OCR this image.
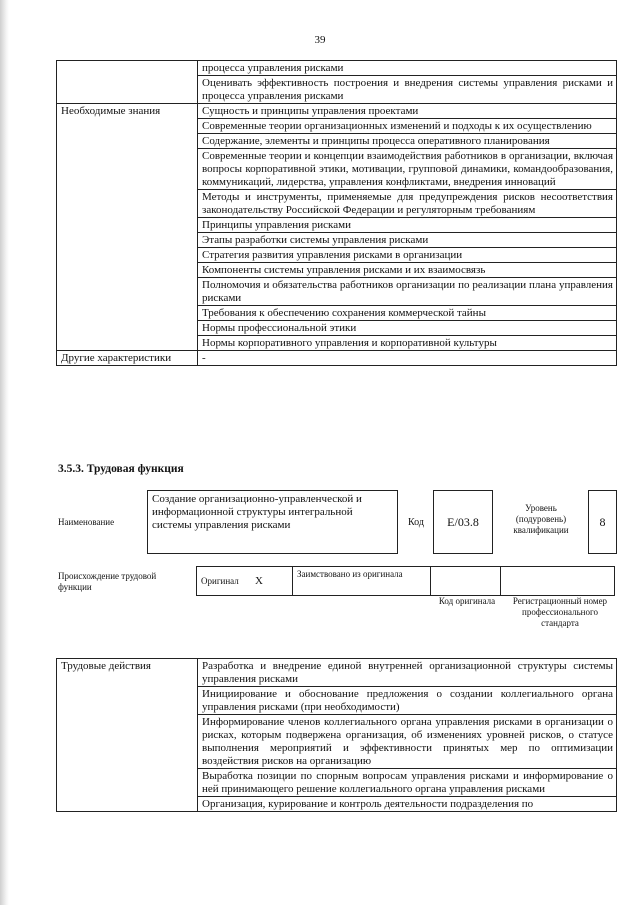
39
	процесса управления рисками
	Оценивать эффективность построения и внедрения системы управления рисками и процесса управления рисками
Необходимые знания	Сущность и принципы управления проектами
	Современные теории организационных изменений и подходы к их осуществлению
	Содержание, элементы и принципы процесса оперативного планирования
	Современные теории и концепции взаимодействия работников в организации, включая вопросы корпоративной этики, мотивации, групповой динамики, командообразования, коммуникаций, лидерства, управления конфликтами, внедрения инноваций
	Методы и инструменты, применяемые для предупреждения рисков несоответствия законодательству Российской Федерации и регуляторным требованиям
	Принципы управления рисками
	Этапы разработки системы управления рисками
	Стратегия развития управления рисками в организации
	Компоненты системы управления рисками и их взаимосвязь
	Полномочия и обязательства работников организации по реализации плана управления рисками
	Требования к обеспечению сохранения коммерческой тайны
	Нормы профессиональной этики
	Нормы корпоративного управления и корпоративной культуры
Другие характеристики	-
3.5.3. Трудовая функция
Наименование
Создание организационно-управленческой и информационной структуры интегральной системы управления рисками	Код	Е/03.8
Уровень (подуровень) квалификации
8
Происхождение трудовой функции
Оригинал X	Заимствовано из оригинала		
Код оригинала	Регистрационный номер профессионального стандарта
Трудовые действия	Разработка и внедрение единой внутренней организационной структуры системы управления рисками
Инициирование и обоснование предложения о создании коллегиального органа управления рисками (при необходимости)
Информирование членов коллегиального органа управления рисками в организации о рисках, которым подвержена организация, об изменениях уровней рисков, о статусе выполнения мероприятий и эффективности принятых мер по оптимизации воздействия рисков на организацию
Выработка позиции по спорным вопросам управления рисками и информирование о ней принимающего решение коллегиального органа управления рисками
Организация, курирование и контроль деятельности подразделения по
